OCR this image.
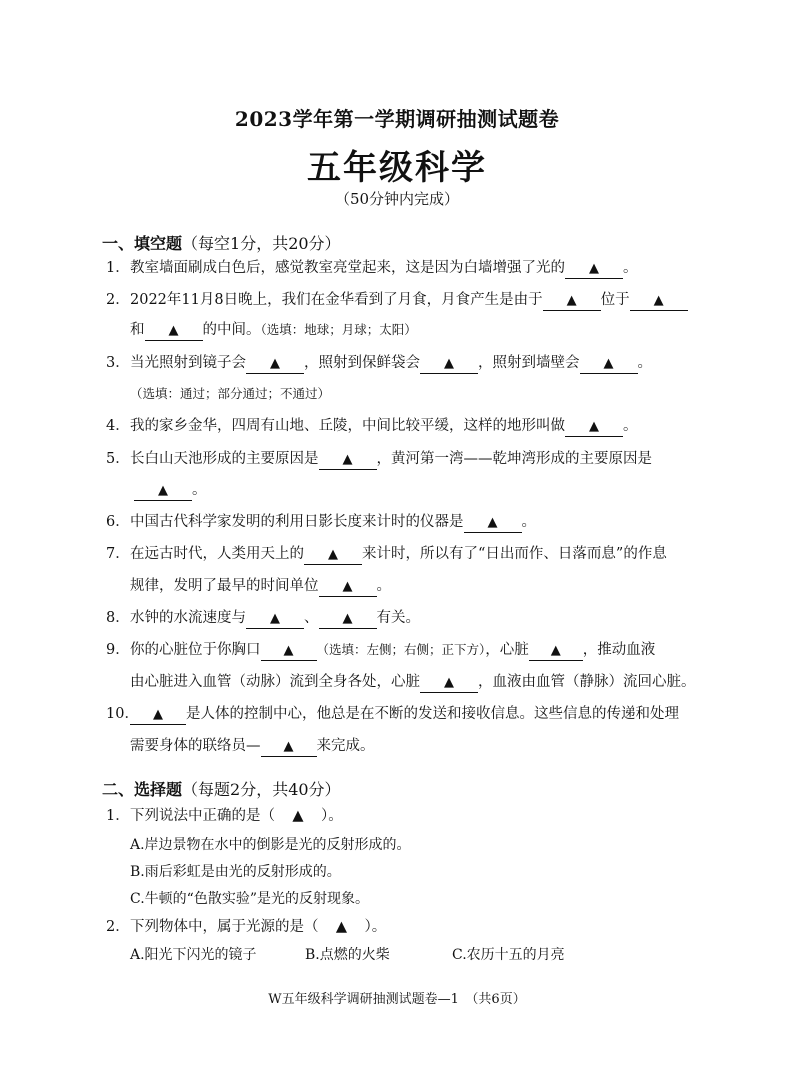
2023学年第一学期调研抽测试题卷
五年级科学
（50分钟内完成）
一、填空题（每空1分，共20分）
1．教室墙面刷成白色后，感觉教室亮堂起来，这是因为白墙增强了光的 ▲ 。
2．2022年11月8日晚上，我们在金华看到了月食，月食产生是由于 ▲ 位于 ▲
和 ▲ 的中间。（选填：地球；月球；太阳）
3．当光照射到镜子会 ▲ ，照射到保鲜袋会 ▲ ，照射到墙壁会 ▲ 。
（选填：通过；部分通过；不通过）
4．我的家乡金华，四周有山地、丘陵，中间比较平缓，这样的地形叫做 ▲ 。
5．长白山天池形成的主要原因是 ▲ ，黄河第一湾——乾坤湾形成的主要原因是
▲ 。
6．中国古代科学家发明的利用日影长度来计时的仪器是 ▲ 。
7．在远古时代，人类用天上的 ▲ 来计时，所以有了“日出而作、日落而息”的作息
规律，发明了最早的时间单位 ▲ 。
8．水钟的水流速度与 ▲ 、 ▲ 有关。
9．你的心脏位于你胸口 ▲ （选填：左侧；右侧；正下方），心脏 ▲ ，推动血液
由心脏进入血管（动脉）流到全身各处，心脏 ▲ ，血液由血管（静脉）流回心脏。
10． ▲ 是人体的控制中心，他总是在不断的发送和接收信息。这些信息的传递和处理
需要身体的联络员— ▲ 来完成。
二、选择题（每题2分，共40分）
1．下列说法中正确的是（ ▲ ）。
A.岸边景物在水中的倒影是光的反射形成的。
B.雨后彩虹是由光的反射形成的。
C.牛顿的“色散实验”是光的反射现象。
2．下列物体中，属于光源的是（ ▲ ）。
A.阳光下闪光的镜子	B.点燃的火柴	C.农历十五的月亮
W五年级科学调研抽测试题卷—1　（共6页）
